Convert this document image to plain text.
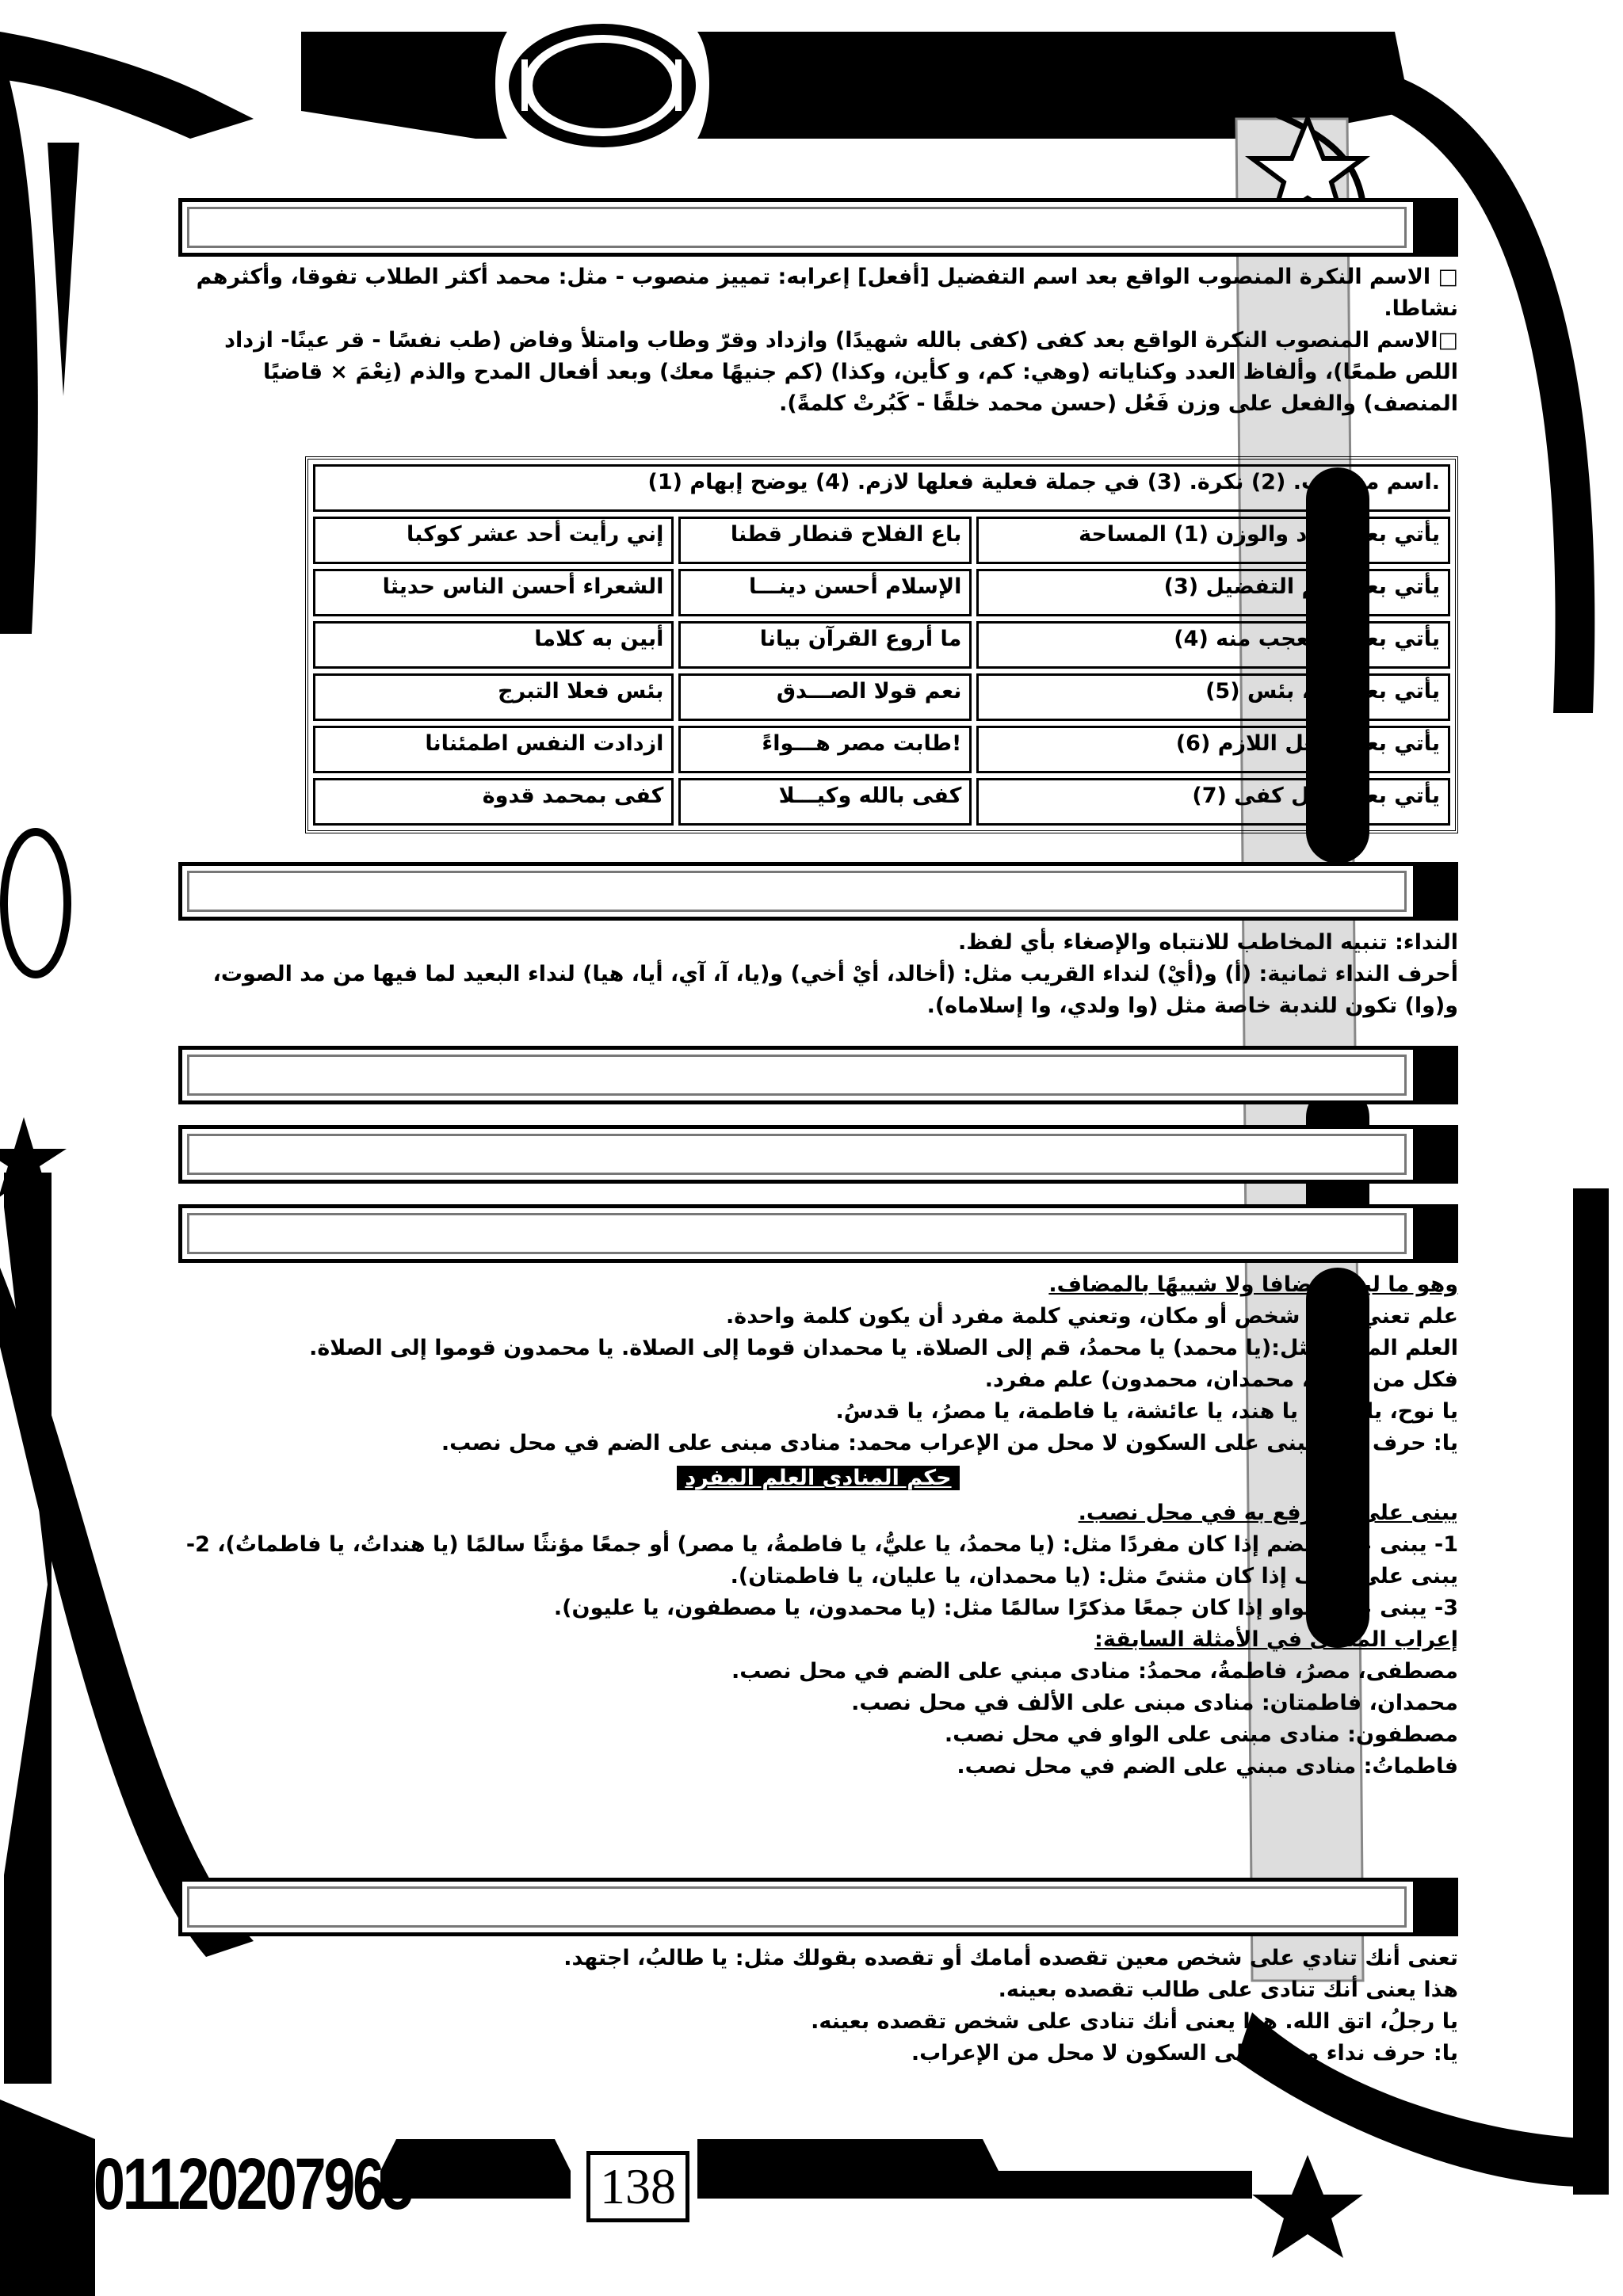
□ الاسم النكرة المنصوب الواقع بعد اسم التفضيل [أفعل] إعرابه: تمييز منصوب - مثل: محمد أكثر الطلاب تفوقا، وأكثرهم نشاطا.

□الاسم المنصوب النكرة الواقع بعد كفى (كفى بالله شهيدًا) وازداد وقرّ وطاب وامتلأ وفاض (طب نفسًا - قر عينًا- ازداد اللص طمعًا)، وألفاظ العدد وكناياته (وهي: كم، و كأين، وكذا) (كم جنيهًا معك) وبعد أفعال المدح والذم (نِعْمَ × قاضيًا المنصف) والفعل على وزن فَعُل (حسن محمد خلقًا - كَبُرتْ كلمةً).

.اسم منصوب. (2) نكرة. (3) في جملة فعلية فعلها لازم. (4) يوضح إبهام (1)		
يأتي بعد العدد والوزن (1) المساحة	باع الفلاح قنطار قطنا	إني رأيت أحد عشر كوكبا
يأتي بعد اسم التفضيل (3)	الإسلام أحسن دينـــا	الشعراء أحسن الناس حديثا
يأتي بعد المتعجب منه (4)	ما أروع القرآن بيانا	أبين به كلاما
يأتي بعد نعم، بئس (5)	نعم قولا الصـــدق	بئس فعلا التبرج
يأتي بعد الفعل اللازم (6)	!طابت مصر هـــواءً	ازدادت النفس اطمئنانا
يأتي بعد فاعل كفى (7)	كفى بالله وكيـــلا	كفى بمحمد قدوة

النداء: تنبيه المخاطب للانتباه والإصغاء بأي لفظ.

أحرف النداء ثمانية: (أ) و(أيْ) لنداء القريب مثل: (أخالد، أيْ أخي) و(يا، آ، آي، أيا، هيا) لنداء البعيد لما فيها من مد الصوت، و(وا) تكون للندبة خاصة مثل (وا ولدي، وا إسلاماه).

وهو ما ليس مضافا ولا شبيهًا بالمضاف.

علم تعني اسم شخص أو مكان، وتعني كلمة مفرد أن يكون كلمة واحدة.

العلم المفرد مثل:(يا محمد) يا محمدُ، قم إلى الصلاة. يا محمدان قوما إلى الصلاة. يا محمدون قوموا إلى الصلاة.

فكل من محمد، محمدان، محمدون) علم مفرد.

يا نوح، يا علي، يا هند، يا عائشة، يا فاطمة، يا مصرُ، يا قدسُ.

يا: حرف نداء مبنى على السكون لا محل من الإعراب محمد: منادى مبنى على الضم في محل نصب.

حكم المنادى العلم المفرد

يبنى على ما يرفع به في محل نصب.

1- يبنى على الضم إذا كان مفردًا مثل: (يا محمدُ، يا عليُّ، يا فاطمةُ، يا مصر) أو جمعًا مؤنثًا سالمًا (يا هنداتُ، يا فاطماتُ)، 2- يبنى على الألف إذا كان مثنىً مثل: (يا محمدان، يا عليان، يا فاطمتان).

3- يبنى على الواو إذا كان جمعًا مذكرًا سالمًا مثل: (يا محمدون، يا مصطفون، يا عليون).

إعراب المنادى في الأمثلة السابقة:

مصطفى، مصرُ، فاطمةُ، محمدُ: منادى مبني على الضم في محل نصب.

محمدان، فاطمتان: منادى مبنى على الألف في محل نصب.

مصطفون: منادى مبنى على الواو في محل نصب.

فاطماتُ: منادى مبني على الضم في محل نصب.

تعنى أنك تنادي على شخص معين تقصده أمامك أو تقصده بقولك مثل: يا طالبُ، اجتهد.

هذا يعنى أنك تنادى على طالب تقصده بعينه.

يا رجلُ، اتق الله. هذا يعنى أنك تنادى على شخص تقصده بعينه.

يا: حرف نداء مبنى على السكون لا محل من الإعراب.

01120207965	138
